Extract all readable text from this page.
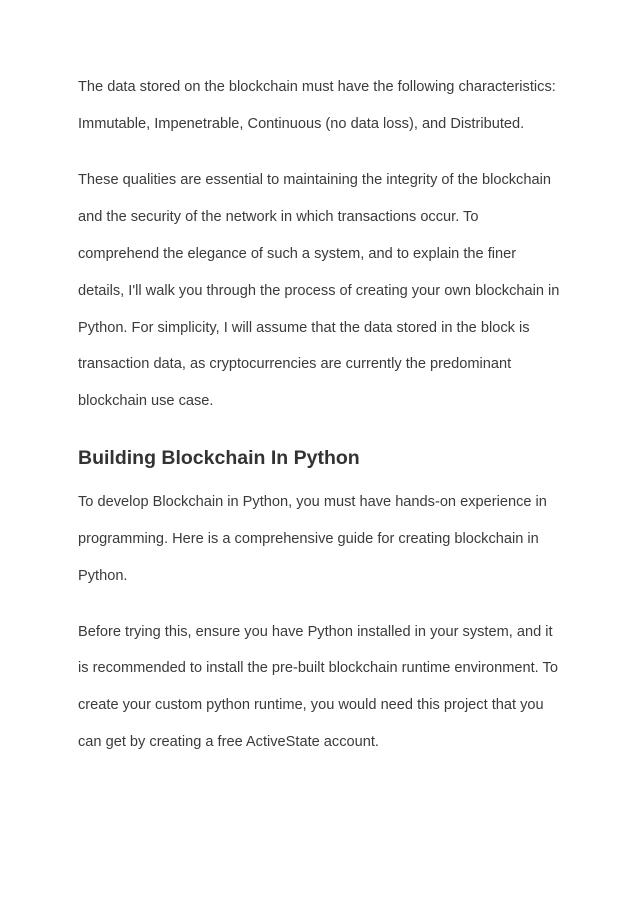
The data stored on the blockchain must have the following characteristics:
Immutable, Impenetrable, Continuous (no data loss), and Distributed.
These qualities are essential to maintaining the integrity of the blockchain
and the security of the network in which transactions occur. To
comprehend the elegance of such a system, and to explain the finer
details, I'll walk you through the process of creating your own blockchain in
Python. For simplicity, I will assume that the data stored in the block is
transaction data, as cryptocurrencies are currently the predominant
blockchain use case.
Building Blockchain In Python
To develop Blockchain in Python, you must have hands-on experience in
programming. Here is a comprehensive guide for creating blockchain in
Python.
Before trying this, ensure you have Python installed in your system, and it
is recommended to install the pre-built blockchain runtime environment. To
create your custom python runtime, you would need this project that you
can get by creating a free ActiveState account.
